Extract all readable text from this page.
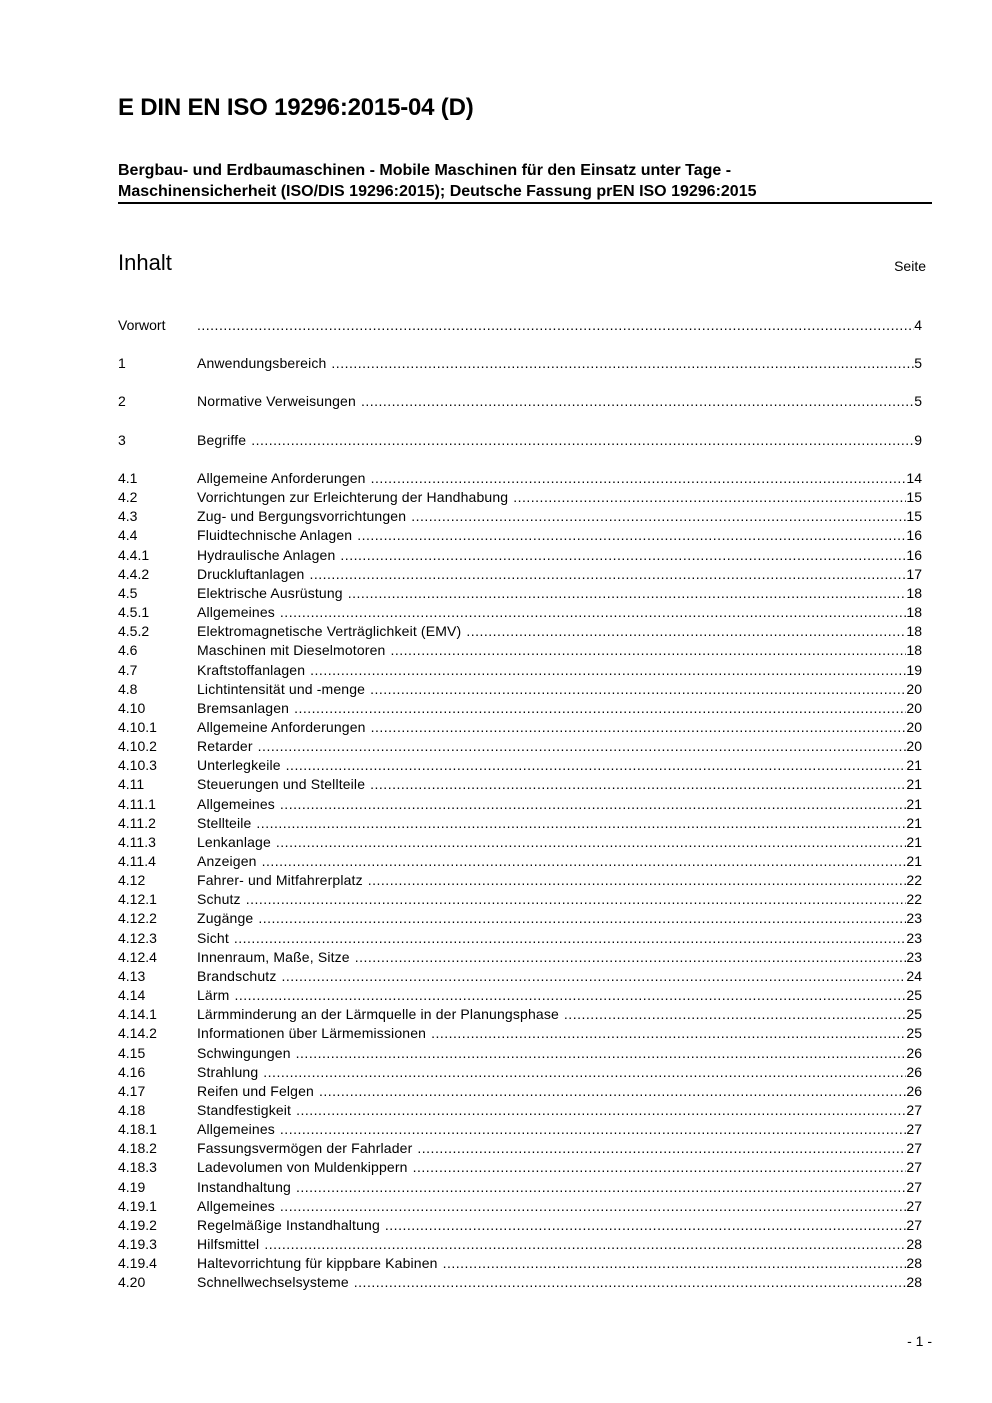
E DIN EN ISO 19296:2015-04 (D)
Bergbau- und Erdbaumaschinen - Mobile Maschinen für den Einsatz unter Tage -
Maschinensicherheit (ISO/DIS 19296:2015); Deutsche Fassung prEN ISO 19296:2015
Inhalt	Seite
Vorwort .....	4
1	Anwendungsbereich .....	5
2	Normative Verweisungen .....	5
3	Begriffe .....	9
4.1	Allgemeine Anforderungen .....	14
4.2	Vorrichtungen zur Erleichterung der Handhabung .....	15
4.3	Zug- und Bergungsvorrichtungen .....	15
4.4	Fluidtechnische Anlagen .....	16
4.4.1	Hydraulische Anlagen .....	16
4.4.2	Druckluftanlagen .....	17
4.5	Elektrische Ausrüstung .....	18
4.5.1	Allgemeines .....	18
4.5.2	Elektromagnetische Verträglichkeit (EMV) .....	18
4.6	Maschinen mit Dieselmotoren .....	18
4.7	Kraftstoffanlagen .....	19
4.8	Lichtintensität und -menge .....	20
4.10	Bremsanlagen .....	20
4.10.1	Allgemeine Anforderungen .....	20
4.10.2	Retarder .....	20
4.10.3	Unterlegkeile .....	21
4.11	Steuerungen und Stellteile .....	21
4.11.1	Allgemeines .....	21
4.11.2	Stellteile .....	21
4.11.3	Lenkanlage .....	21
4.11.4	Anzeigen .....	21
4.12	Fahrer- und Mitfahrerplatz .....	22
4.12.1	Schutz .....	22
4.12.2	Zugänge .....	23
4.12.3	Sicht .....	23
4.12.4	Innenraum, Maße, Sitze .....	23
4.13	Brandschutz .....	24
4.14	Lärm .....	25
4.14.1	Lärmminderung an der Lärmquelle in der Planungsphase .....	25
4.14.2	Informationen über Lärmemissionen .....	25
4.15	Schwingungen .....	26
4.16	Strahlung .....	26
4.17	Reifen und Felgen .....	26
4.18	Standfestigkeit .....	27
4.18.1	Allgemeines .....	27
4.18.2	Fassungsvermögen der Fahrlader .....	27
4.18.3	Ladevolumen von Muldenkippern .....	27
4.19	Instandhaltung .....	27
4.19.1	Allgemeines .....	27
4.19.2	Regelmäßige Instandhaltung .....	27
4.19.3	Hilfsmittel .....	28
4.19.4	Haltevorrichtung für kippbare Kabinen .....	28
4.20	Schnellwechselsysteme .....	28
- 1 -
